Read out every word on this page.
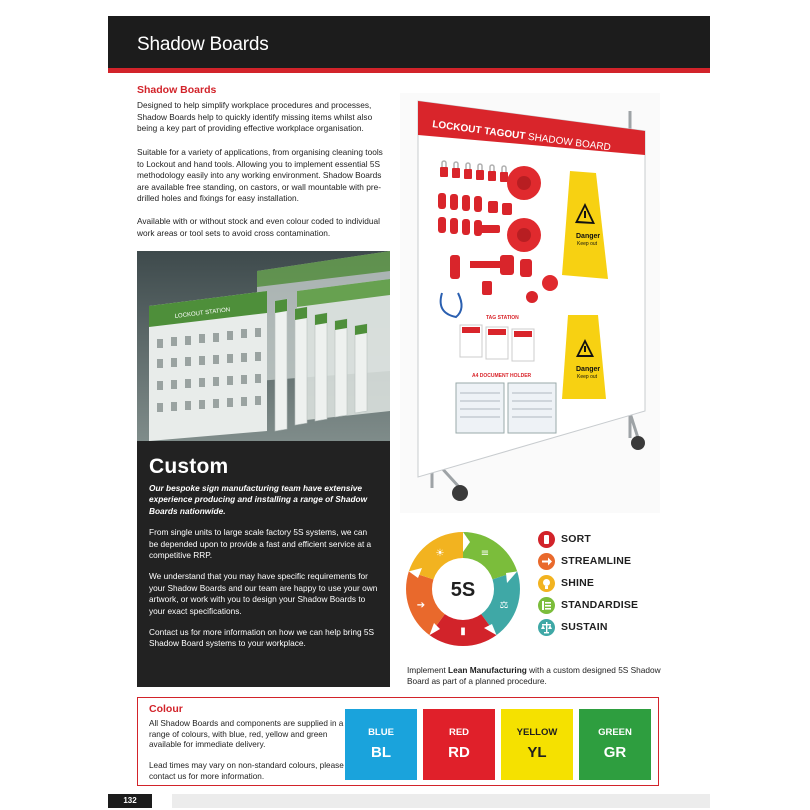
Shadow Boards
Shadow Boards

Designed to help simplify workplace procedures and processes, Shadow Boards help to quickly identify missing items whilst also being a key part of providing effective workplace organisation.

Suitable for a variety of applications, from organising cleaning tools to Lockout and hand tools. Allowing you to implement essential 5S methodology easily into any working environment. Shadow Boards are available free standing, on castors, or wall mountable with pre-drilled holes and fixings for easy installation.

Available with or without stock and even colour coded to individual work areas or tool sets to avoid cross contamination.

LOCKOUT STATION
Custom

Our bespoke sign manufacturing team have extensive experience producing and installing a range of Shadow Boards nationwide.

From single units to large scale factory 5S systems, we can be depended upon to provide a fast and efficient service at a competitive RRP.

We understand that you may have specific requirements for your Shadow Boards and our team are happy to use your own artwork, or work with you to design your Shadow Boards to your exact specifications.

Contact us for more information on how we can help bring 5S Shadow Board systems to your workplace.

LOCKOUT TAGOUT SHADOW BOARD
Danger
Keep out
TAG STATION
Danger
Keep out
A4 DOCUMENT HOLDER
5S
≡
⚖
▮
➔
☀
SORT
STREAMLINE
SHINE
STANDARDISE
SUSTAIN

Implement Lean Manufacturing with a custom designed 5S Shadow Board as part of a planned procedure.

Colour

All Shadow Boards and components are supplied in a range of colours, with blue, red, yellow and green available for immediate delivery.

Lead times may vary on non-standard colours, please contact us for more information.

BLUE
BL
RED
RD
YELLOW
YL
GREEN
GR
132
